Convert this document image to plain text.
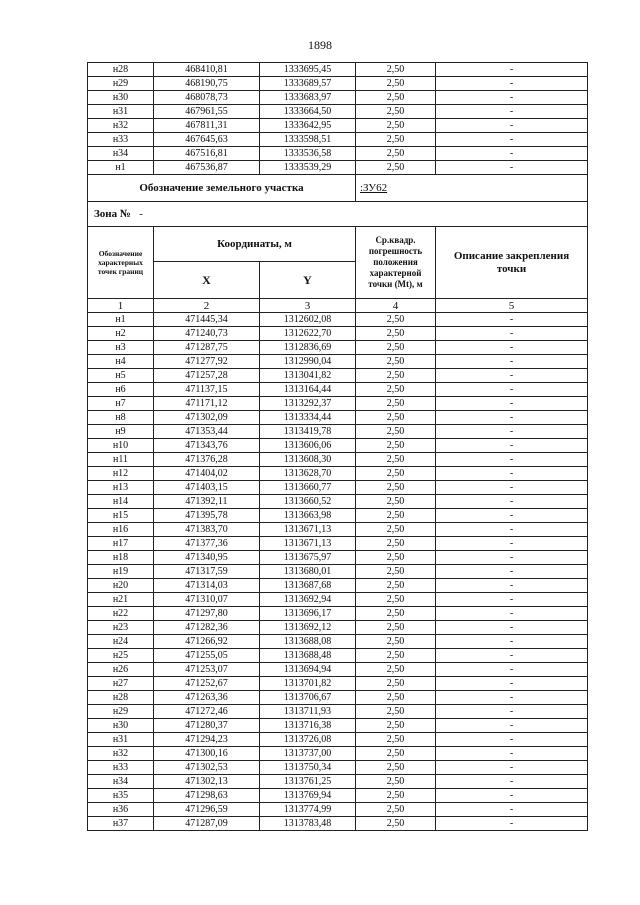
1898
н28	468410,81	1333695,45	2,50	-
н29	468190,75	1333689,57	2,50	-
н30	468078,73	1333683,97	2,50	-
н31	467961,55	1333664,50	2,50	-
н32	467811,31	1333642,95	2,50	-
н33	467645,63	1333598,51	2,50	-
н34	467516,81	1333536,58	2,50	-
н1	467536,87	1333539,29	2,50	-
Обозначение земельного участка			:ЗУ62	
Зона № -				
Обозначение характерных точек границ	Координаты, м		Ср.квадр. погрешность положения характерной точки (Mt), м	Описание закрепления точки
	X	Y		
1	2	3	4	5
н1	471445,34	1312602,08	2,50	-
н2	471240,73	1312622,70	2,50	-
н3	471287,75	1312836,69	2,50	-
н4	471277,92	1312990,04	2,50	-
н5	471257,28	1313041,82	2,50	-
н6	471137,15	1313164,44	2,50	-
н7	471171,12	1313292,37	2,50	-
н8	471302,09	1313334,44	2,50	-
н9	471353,44	1313419,78	2,50	-
н10	471343,76	1313606,06	2,50	-
н11	471376,28	1313608,30	2,50	-
н12	471404,02	1313628,70	2,50	-
н13	471403,15	1313660,77	2,50	-
н14	471392,11	1313660,52	2,50	-
н15	471395,78	1313663,98	2,50	-
н16	471383,70	1313671,13	2,50	-
н17	471377,36	1313671,13	2,50	-
н18	471340,95	1313675,97	2,50	-
н19	471317,59	1313680,01	2,50	-
н20	471314,03	1313687,68	2,50	-
н21	471310,07	1313692,94	2,50	-
н22	471297,80	1313696,17	2,50	-
н23	471282,36	1313692,12	2,50	-
н24	471266,92	1313688,08	2,50	-
н25	471255,05	1313688,48	2,50	-
н26	471253,07	1313694,94	2,50	-
н27	471252,67	1313701,82	2,50	-
н28	471263,36	1313706,67	2,50	-
н29	471272,46	1313711,93	2,50	-
н30	471280,37	1313716,38	2,50	-
н31	471294,23	1313726,08	2,50	-
н32	471300,16	1313737,00	2,50	-
н33	471302,53	1313750,34	2,50	-
н34	471302,13	1313761,25	2,50	-
н35	471298,63	1313769,94	2,50	-
н36	471296,59	1313774,99	2,50	-
н37	471287,09	1313783,48	2,50	-
